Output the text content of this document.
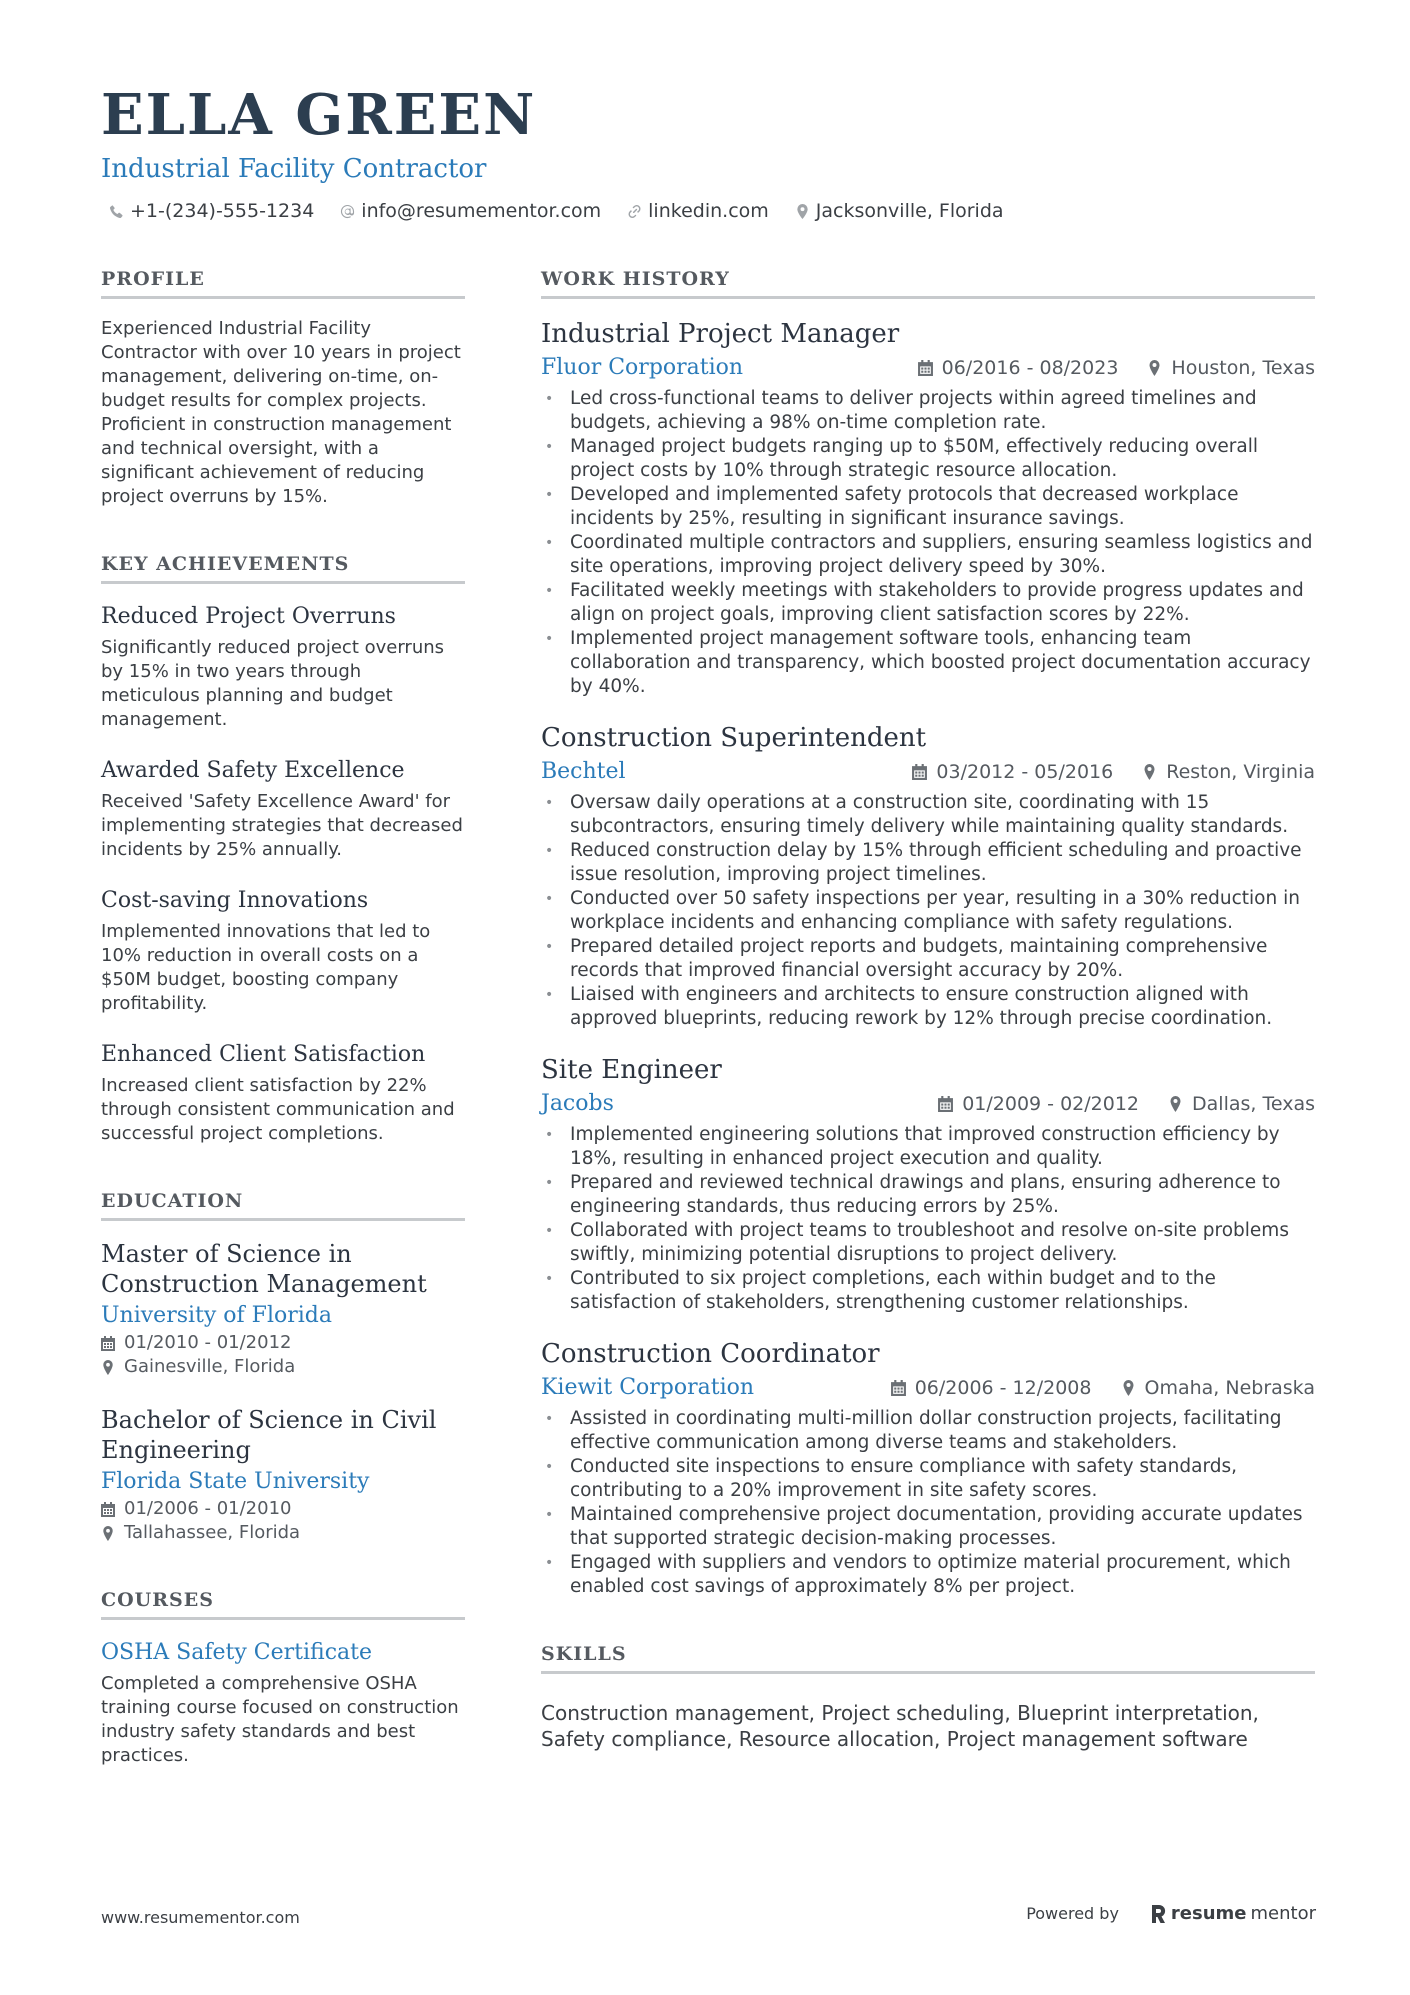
ELLA GREEN
Industrial Facility Contractor
+1-(234)-555-1234 info@resumementor.com linkedin.com Jacksonville, Florida
PROFILE
Experienced Industrial Facility Contractor with over 10 years in project management, delivering on-time, on-budget results for complex projects. Proficient in construction management and technical oversight, with a significant achievement of reducing project overruns by 15%.
KEY ACHIEVEMENTS
Reduced Project Overruns
Significantly reduced project overruns by 15% in two years through meticulous planning and budget management.
Awarded Safety Excellence
Received 'Safety Excellence Award' for implementing strategies that decreased incidents by 25% annually.
Cost-saving Innovations
Implemented innovations that led to 10% reduction in overall costs on a $50M budget, boosting company profitability.
Enhanced Client Satisfaction
Increased client satisfaction by 22% through consistent communication and successful project completions.
EDUCATION
Master of Science in Construction Management
University of Florida
01/2010 - 01/2012
Gainesville, Florida
Bachelor of Science in Civil Engineering
Florida State University
01/2006 - 01/2010
Tallahassee, Florida
COURSES
OSHA Safety Certificate
Completed a comprehensive OSHA training course focused on construction industry safety standards and best practices.
WORK HISTORY
Industrial Project Manager
Fluor Corporation	06/2016 - 08/2023	Houston, Texas
• Led cross-functional teams to deliver projects within agreed timelines and budgets, achieving a 98% on-time completion rate.
• Managed project budgets ranging up to $50M, effectively reducing overall project costs by 10% through strategic resource allocation.
• Developed and implemented safety protocols that decreased workplace incidents by 25%, resulting in significant insurance savings.
• Coordinated multiple contractors and suppliers, ensuring seamless logistics and site operations, improving project delivery speed by 30%.
• Facilitated weekly meetings with stakeholders to provide progress updates and align on project goals, improving client satisfaction scores by 22%.
• Implemented project management software tools, enhancing team collaboration and transparency, which boosted project documentation accuracy by 40%.
Construction Superintendent
Bechtel	03/2012 - 05/2016	Reston, Virginia
• Oversaw daily operations at a construction site, coordinating with 15 subcontractors, ensuring timely delivery while maintaining quality standards.
• Reduced construction delay by 15% through efficient scheduling and proactive issue resolution, improving project timelines.
• Conducted over 50 safety inspections per year, resulting in a 30% reduction in workplace incidents and enhancing compliance with safety regulations.
• Prepared detailed project reports and budgets, maintaining comprehensive records that improved financial oversight accuracy by 20%.
• Liaised with engineers and architects to ensure construction aligned with approved blueprints, reducing rework by 12% through precise coordination.
Site Engineer
Jacobs	01/2009 - 02/2012	Dallas, Texas
• Implemented engineering solutions that improved construction efficiency by 18%, resulting in enhanced project execution and quality.
• Prepared and reviewed technical drawings and plans, ensuring adherence to engineering standards, thus reducing errors by 25%.
• Collaborated with project teams to troubleshoot and resolve on-site problems swiftly, minimizing potential disruptions to project delivery.
• Contributed to six project completions, each within budget and to the satisfaction of stakeholders, strengthening customer relationships.
Construction Coordinator
Kiewit Corporation	06/2006 - 12/2008	Omaha, Nebraska
• Assisted in coordinating multi-million dollar construction projects, facilitating effective communication among diverse teams and stakeholders.
• Conducted site inspections to ensure compliance with safety standards, contributing to a 20% improvement in site safety scores.
• Maintained comprehensive project documentation, providing accurate updates that supported strategic decision-making processes.
• Engaged with suppliers and vendors to optimize material procurement, which enabled cost savings of approximately 8% per project.
SKILLS
Construction management, Project scheduling, Blueprint interpretation, Safety compliance, Resource allocation, Project management software
www.resumementor.com	Powered by	resume mentor
